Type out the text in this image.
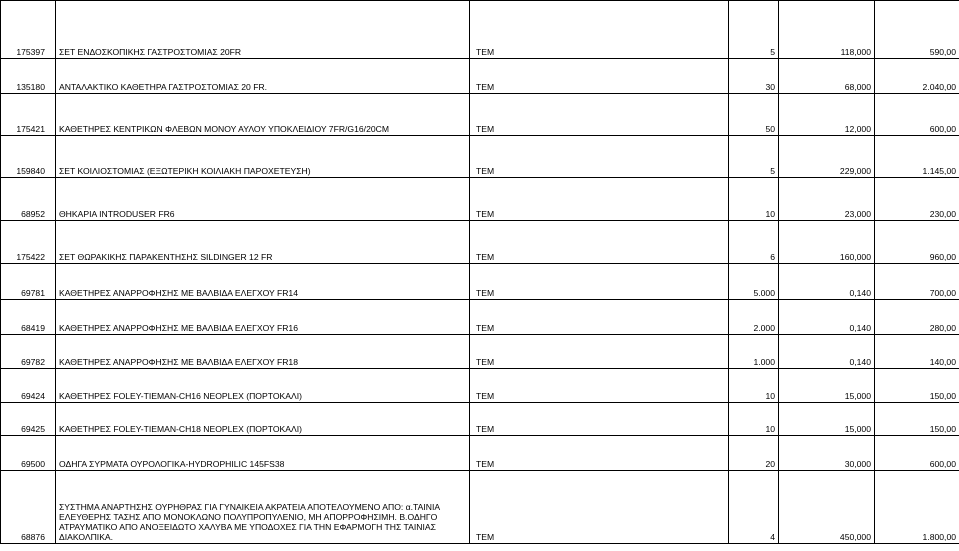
175397	ΣΕΤ ΕΝΔΟΣΚΟΠΙΚΗΣ ΓΑΣΤΡΟΣΤΟΜΙΑΣ 20FR	TEM	5	118,000	590,00
135180	ΑΝΤΑΛΑΚΤΙΚΟ ΚΑΘΕΤΗΡΑ ΓΑΣΤΡΟΣΤΟΜΙΑΣ 20 FR.	TEM	30	68,000	2.040,00
175421	ΚΑΘΕΤΗΡΕΣ ΚΕΝΤΡΙΚΩΝ ΦΛΕΒΩΝ ΜΟΝΟΥ ΑΥΛΟΥ ΥΠΟΚΛΕΙΔΙΟΥ 7FR/G16/20CM	TEM	50	12,000	600,00
159840	ΣΕΤ ΚΟΙΛΙΟΣΤΟΜΙΑΣ (ΕΞΩΤΕΡΙΚΗ ΚΟΙΛΙΑΚΗ ΠΑΡΟΧΕΤΕΥΣΗ)	TEM	5	229,000	1.145,00
68952	ΘΗΚΑΡΙΑ INTRODUSER FR6	TEM	10	23,000	230,00
175422	ΣΕΤ ΘΩΡΑΚΙΚΗΣ ΠΑΡΑΚΕΝΤΗΣΗΣ SILDINGER 12 FR	TEM	6	160,000	960,00
69781	ΚΑΘΕΤΗΡΕΣ ΑΝΑΡΡΟΦΗΣΗΣ ΜΕ ΒΑΛΒΙΔΑ ΕΛΕΓΧΟΥ FR14	TEM	5.000	0,140	700,00
68419	ΚΑΘΕΤΗΡΕΣ ΑΝΑΡΡΟΦΗΣΗΣ ΜΕ ΒΑΛΒΙΔΑ ΕΛΕΓΧΟΥ FR16	TEM	2.000	0,140	280,00
69782	ΚΑΘΕΤΗΡΕΣ ΑΝΑΡΡΟΦΗΣΗΣ ΜΕ ΒΑΛΒΙΔΑ ΕΛΕΓΧΟΥ FR18	TEM	1.000	0,140	140,00
69424	ΚΑΘΕΤΗΡΕΣ FOLEY-TIEMAN-CH16 NEOPLEX (ΠΟΡΤΟΚΑΛΙ)	TEM	10	15,000	150,00
69425	ΚΑΘΕΤΗΡΕΣ FOLEY-TIEMAN-CH18 NEOPLEX (ΠΟΡΤΟΚΑΛΙ)	TEM	10	15,000	150,00
69500	ΟΔΗΓΑ ΣΥΡΜΑΤΑ ΟΥΡΟΛΟΓΙΚΑ-HYDROPHILIC 145FS38	TEM	20	30,000	600,00
68876	ΣΥΣΤΗΜΑ ΑΝΑΡΤΗΣΗΣ ΟΥΡΗΘΡΑΣ ΓΙΑ ΓΥΝΑΙΚΕΙΑ ΑΚΡΑΤΕΙΑ ΑΠΟΤΕΛΟΥΜΕΝΟ ΑΠΟ: α.ΤΑΙΝΙΑ ΕΛΕΥΘΕΡΗΣ ΤΑΣΗΣ ΑΠΟ ΜΟΝΟΚΛΩΝΟ ΠΟΛΥΠΡΟΠΥΛΕΝΙΟ, ΜΗ ΑΠΟΡΡΟΦΗΣΙΜΗ. Β.ΟΔΗΓΟ ΑΤΡΑΥΜΑΤΙΚΟ ΑΠΟ ΑΝΟΞΕΙΔΩΤΟ ΧΑΛΥΒΑ ΜΕ ΥΠΟΔΟΧΕΣ ΓΙΑ ΤΗΝ ΕΦΑΡΜΟΓΗ ΤΗΣ ΤΑΙΝΙΑΣ ΔΙΑΚΟΛΠΙΚΑ.	TEM	4	450,000	1.800,00
